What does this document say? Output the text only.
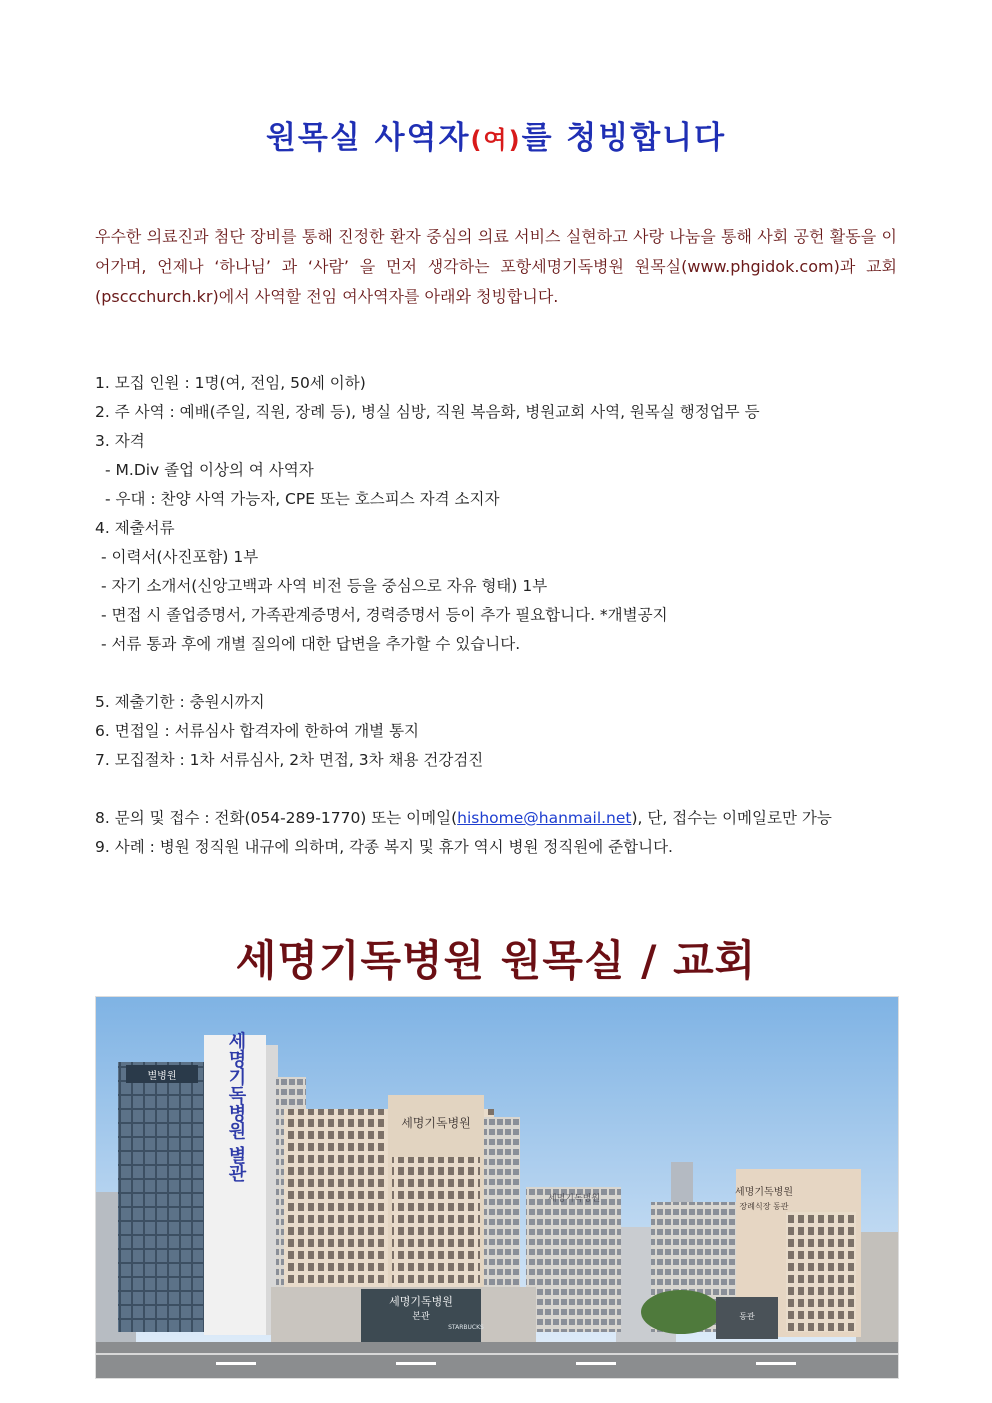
원목실 사역자(여)를 청빙합니다
우수한 의료진과 첨단 장비를 통해 진정한 환자 중심의 의료 서비스 실현하고 사랑 나눔을 통해 사회 공헌 활동을 이어가며, 언제나 ‘하나님’ 과 ‘사람’ 을 먼저 생각하는 포항세명기독병원 원목실(www.phgidok.com)과 교회(psccchurch.kr)에서 사역할 전임 여사역자를 아래와 청빙합니다.
1. 모집 인원 : 1명(여, 전임, 50세 이하)
2. 주 사역 : 예배(주일, 직원, 장례 등), 병실 심방, 직원 복음화, 병원교회 사역, 원목실 행정업무 등
3. 자격
- M.Div 졸업 이상의 여 사역자
- 우대 : 찬양 사역 가능자, CPE 또는 호스피스 자격 소지자
4. 제출서류
- 이력서(사진포함) 1부
- 자기 소개서(신앙고백과 사역 비전 등을 중심으로 자유 형태) 1부
- 면접 시 졸업증명서, 가족관계증명서, 경력증명서 등이 추가 필요합니다. *개별공지
- 서류 통과 후에 개별 질의에 대한 답변을 추가할 수 있습니다.
5. 제출기한 : 충원시까지
6. 면접일 : 서류심사 합격자에 한하여 개별 통지
7. 모집절차 : 1차 서류심사, 2차 면접, 3차 채용 건강검진
8. 문의 및 접수 : 전화(054-289-1770) 또는 이메일(hishome@hanmail.net), 단, 접수는 이메일로만 가능
9. 사례 : 병원 정직원 내규에 의하며, 각종 복지 및 휴가 역시 병원 정직원에 준합니다.
세명기독병원 원목실 / 교회
별병원	세명기독병원 별관	세명기독병원
세명기독병원
세명기독병원
장례식장 동관
세명기독병원
본관
STARBUCKS
동관
